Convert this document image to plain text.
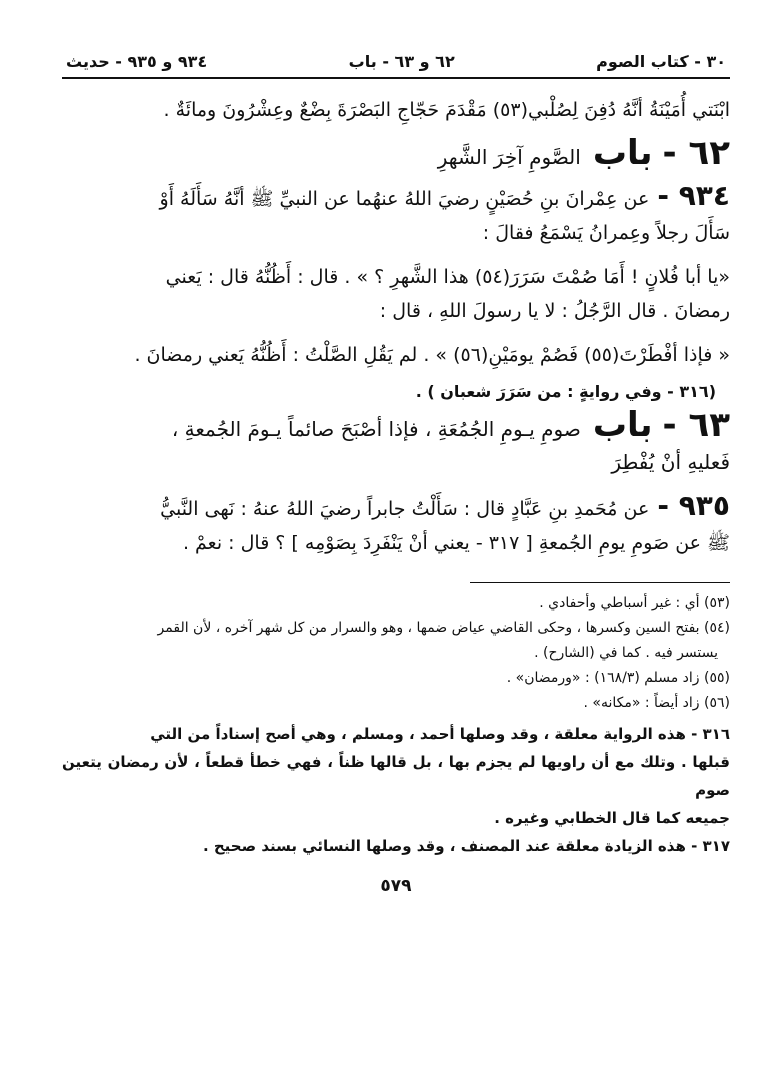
٣٠ - كتاب الصوم
٦٢ و ٦٣ - باب
٩٣٤ و ٩٣٥ - حديث

ابْنَتي أُمَيْنَةُ أنَّهُ دُفِنَ لِصُلْبي(٥٣) مَقْدَمَ حَجّاجِ البَصْرَةَ بِضْعٌ وعِشْرُونَ ومائَةٌ .

٦٢ -
باب
الصَّومِ آخِرَ الشَّهرِ

٩٣٤ -عن عِمْرانَ بنِ حُصَيْنٍ رضيَ اللهُ عنهُما عن النبيِّ ﷺ أنَّهُ سَأَلَهُ أَوْ

سَأَلَ رجلاً وعِمرانُ يَسْمَعُ فقالَ :

«يا أبا فُلانٍ ! أَمَا صُمْتَ سَرَرَ(٥٤) هذا الشَّهرِ ؟ » . قال : أَظُنُّهُ قال : يَعني

رمضانَ . قال الرَّجُلُ : لا يا رسولَ اللهِ ، قال :

« فإذا أفْطَرْتَ(٥٥) فَصُمْ يومَيْنِ(٥٦) » . لم يَقُلِ الصَّلْتُ : أَظُنُّهُ يَعني رمضانَ .

(٣١٦ - وفي روايةٍ : من سَرَرَ شعبان ) .

٦٣ -
باب
صومِ يـومِ الجُمُعَةِ ، فإذا أصْبَحَ صائماً يـومَ الجُمعةِ ،

فَعليهِ أنْ يُفْطِرَ

٩٣٥ -عن مُحَمدِ بنِ عَبَّادٍ قال : سَأَلْتُ جابراً رضيَ اللهُ عنهُ : نَهى النَّبيُّ

ﷺ عن صَومِ يومِ الجُمعةِ [ ٣١٧ - يعني أنْ يَنْفَرِدَ بِصَوْمِه ] ؟ قال : نعمْ .

(٥٣) أي : غير أسباطي وأحفادي .

(٥٤) بفتح السين وكسرها ، وحكى القاضي عياض ضمها ، وهو والسرار من كل شهر آخره ، لأن القمر

يستسر فيه . كما في (الشارح) .

(٥٥) زاد مسلم (١٦٨/٣) : «ورمضان» .

(٥٦) زاد أيضاً : «مكانه» .

٣١٦ - هذه الرواية معلقة ، وقد وصلها أحمد ، ومسلم ، وهي أصح إسناداً من التي

قبلها . وتلك مع أن راويها لم يجزم بها ، بل قالها ظناً ، فهي خطأ قطعاً ، لأن رمضان يتعين صوم

جميعه كما قال الخطابي وغيره .

٣١٧ - هذه الزيادة معلقة عند المصنف ، وقد وصلها النسائي بسند صحيح .

٥٧٩
